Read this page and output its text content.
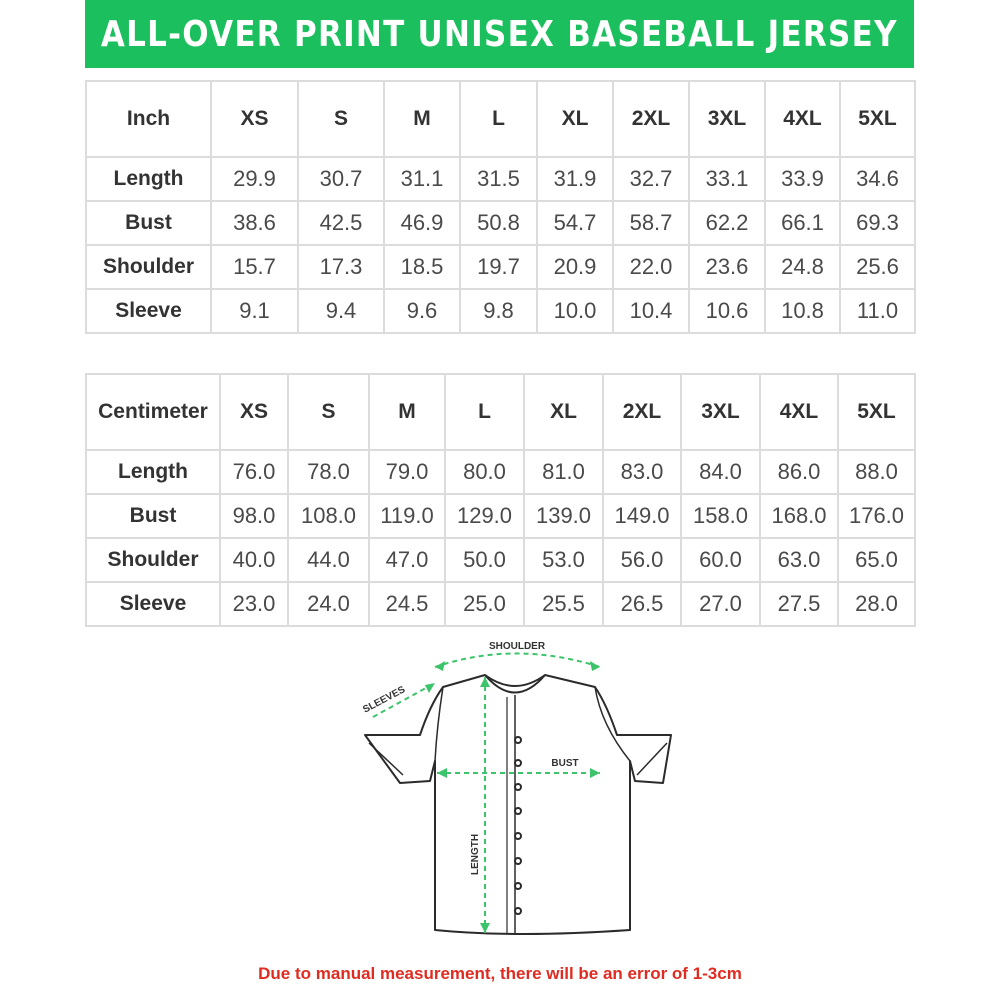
ALL-OVER PRINT UNISEX BASEBALL JERSEY
Inch	XS	S	M	L	XL	2XL	3XL	4XL	5XL
Length	29.9	30.7	31.1	31.5	31.9	32.7	33.1	33.9	34.6
Bust	38.6	42.5	46.9	50.8	54.7	58.7	62.2	66.1	69.3
Shoulder	15.7	17.3	18.5	19.7	20.9	22.0	23.6	24.8	25.6
Sleeve	9.1	9.4	9.6	9.8	10.0	10.4	10.6	10.8	11.0
Centimeter	XS	S	M	L	XL	2XL	3XL	4XL	5XL
Length	76.0	78.0	79.0	80.0	81.0	83.0	84.0	86.0	88.0
Bust	98.0	108.0	119.0	129.0	139.0	149.0	158.0	168.0	176.0
Shoulder	40.0	44.0	47.0	50.0	53.0	56.0	60.0	63.0	65.0
Sleeve	23.0	24.0	24.5	25.0	25.5	26.5	27.0	27.5	28.0
SHOULDER
SLEEVES
BUST
LENGTH
Due to manual measurement, there will be an error of 1-3cm
